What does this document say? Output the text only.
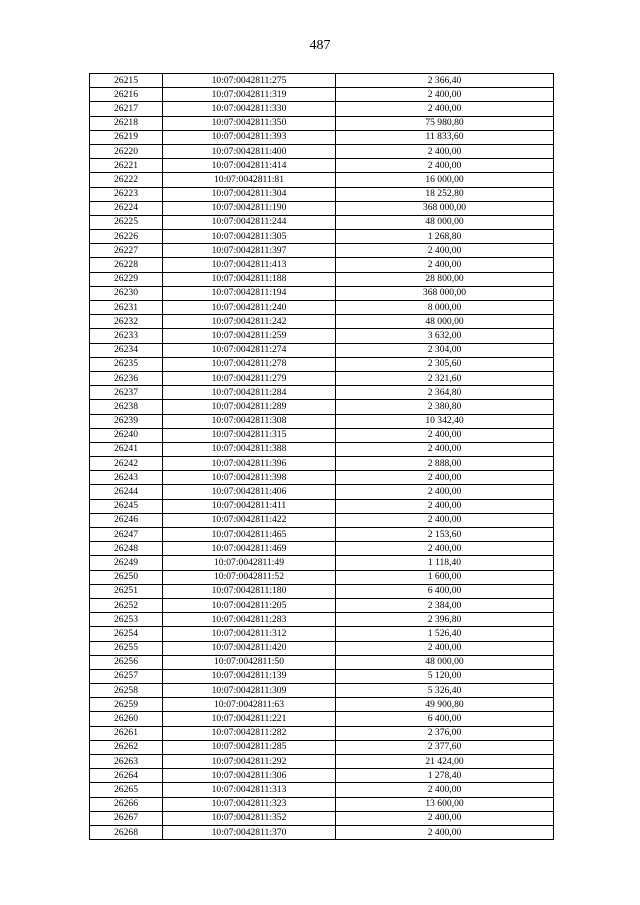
487
26215	10:07:0042811:275	2 366,40
26216	10:07:0042811:319	2 400,00
26217	10:07:0042811:330	2 400,00
26218	10:07:0042811:350	75 980,80
26219	10:07:0042811:393	11 833,60
26220	10:07:0042811:400	2 400,00
26221	10:07:0042811:414	2 400,00
26222	10:07:0042811:81	16 000,00
26223	10:07:0042811:304	18 252,80
26224	10:07:0042811:190	368 000,00
26225	10:07:0042811:244	48 000,00
26226	10:07:0042811:305	1 268,80
26227	10:07:0042811:397	2 400,00
26228	10:07:0042811:413	2 400,00
26229	10:07:0042811:188	28 800,00
26230	10:07:0042811:194	368 000,00
26231	10:07:0042811:240	8 000,00
26232	10:07:0042811:242	48 000,00
26233	10:07:0042811:259	3 632,00
26234	10:07:0042811:274	2 304,00
26235	10:07:0042811:278	2 305,60
26236	10:07:0042811:279	2 321,60
26237	10:07:0042811:284	2 364,80
26238	10:07:0042811:289	2 380,80
26239	10:07:0042811:308	10 342,40
26240	10:07:0042811:315	2 400,00
26241	10:07:0042811:388	2 400,00
26242	10:07:0042811:396	2 888,00
26243	10:07:0042811:398	2 400,00
26244	10:07:0042811:406	2 400,00
26245	10:07:0042811:411	2 400,00
26246	10:07:0042811:422	2 400,00
26247	10:07:0042811:465	2 153,60
26248	10:07:0042811:469	2 400,00
26249	10:07:0042811:49	1 118,40
26250	10:07:0042811:52	1 600,00
26251	10:07:0042811:180	6 400,00
26252	10:07:0042811:205	2 384,00
26253	10:07:0042811:283	2 396,80
26254	10:07:0042811:312	1 526,40
26255	10:07:0042811:420	2 400,00
26256	10:07:0042811:50	48 000,00
26257	10:07:0042811:139	5 120,00
26258	10:07:0042811:309	5 326,40
26259	10:07:0042811:63	49 900,80
26260	10:07:0042811:221	6 400,00
26261	10:07:0042811:282	2 376,00
26262	10:07:0042811:285	2 377,60
26263	10:07:0042811:292	21 424,00
26264	10:07:0042811:306	1 278,40
26265	10:07:0042811:313	2 400,00
26266	10:07:0042811:323	13 600,00
26267	10:07:0042811:352	2 400,00
26268	10:07:0042811:370	2 400,00
